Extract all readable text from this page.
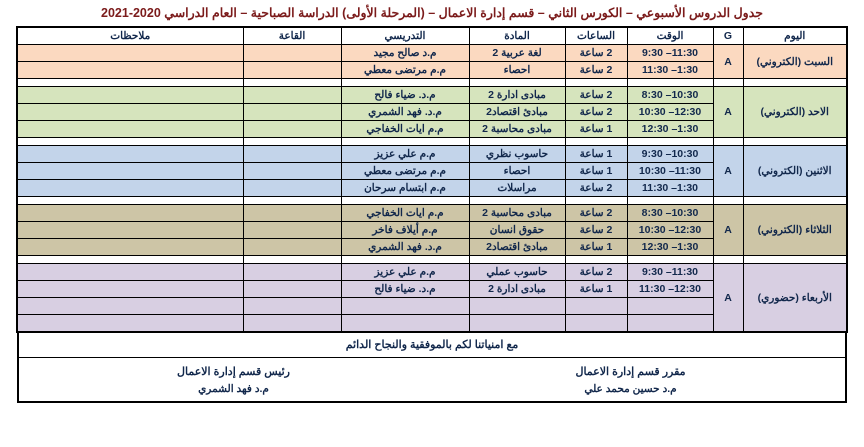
جدول الدروس الأسبوعي – الكورس الثاني – قسم إدارة الاعمال – (المرحلة الأولى) الدراسة الصباحية – العام الدراسي 2020-2021
اليوم	G	الوقت	الساعات	المادة	التدريسي	القاعة	ملاحظات
السبت (الكتروني)	A	9:30 –11:30	2 ساعة	لغة عربية 2	م.د صالح مجيد		
		11:30 –1:30	2 ساعة	احصاء	م.م مرتضى معطي		

الاحد (الكتروني)	A	8:30 –10:30	2 ساعة	مبادى ادارة 2	م.د. ضياء فالح		
		10:30 –12:30	2 ساعة	مبادئ اقتصاد2	م.د. فهد الشمري		
		12:30 –1:30	1 ساعة	مبادى محاسبة 2	م.م ايات الخفاجي		

الاثنين (الكتروني)	A	9:30 –10:30	1 ساعة	حاسوب نظري	م.م علي عزيز		
		10:30 –11:30	1 ساعة	احصاء	م.م مرتضى معطي		
		11:30 –1:30	2 ساعة	مراسلات	م.م ابتسام سرحان		

الثلاثاء (الكتروني)	A	8:30 –10:30	2 ساعة	مبادى محاسبة 2	م.م ايات الخفاجي		
		10:30 –12:30	2 ساعة	حقوق انسان	م.م أيلاف فاخر		
		12:30 –1:30	1 ساعة	مبادئ اقتصاد2	م.د. فهد الشمري		

الأربعاء (حضوري)	A	9:30 –11:30	2 ساعة	حاسوب عملي	م.م علي عزيز		
		11:30 –12:30	1 ساعة	مبادى ادارة 2	م.د. ضياء فالح		

مع امنياتنا لكم بالموفقية والنجاح الدائم
مقرر قسم إدارة الاعمال
م.د حسين محمد علي
رئيس قسم إدارة الاعمال
م.د فهد الشمري
